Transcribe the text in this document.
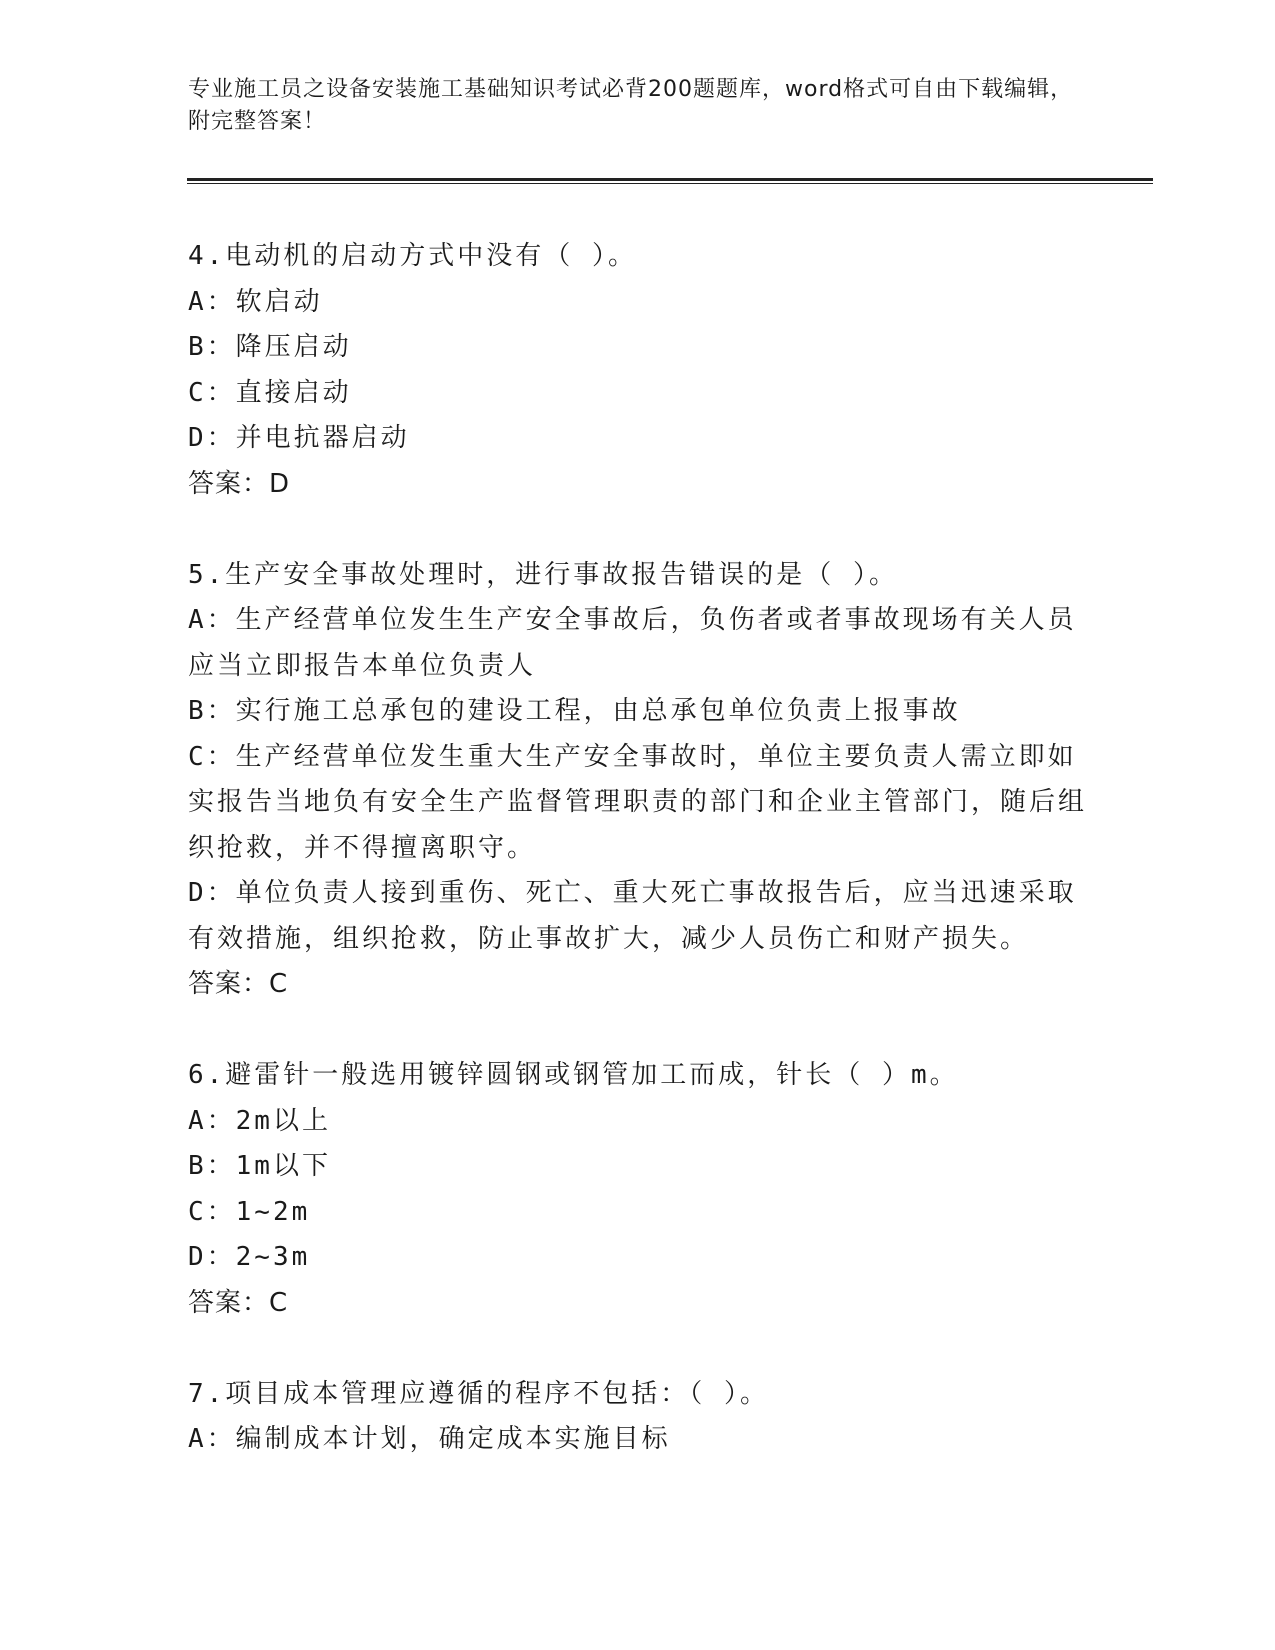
专业施工员之设备安装施工基础知识考试必背200题题库，word格式可自由下载编辑，附完整答案！
4.电动机的启动方式中没有（ ）。
A：软启动
B：降压启动
C：直接启动
D：并电抗器启动
答案：D
5.生产安全事故处理时，进行事故报告错误的是（ ）。
A：生产经营单位发生生产安全事故后，负伤者或者事故现场有关人员应当立即报告本单位负责人
B：实行施工总承包的建设工程，由总承包单位负责上报事故
C：生产经营单位发生重大生产安全事故时，单位主要负责人需立即如实报告当地负有安全生产监督管理职责的部门和企业主管部门，随后组织抢救，并不得擅离职守。
D：单位负责人接到重伤、死亡、重大死亡事故报告后，应当迅速采取有效措施，组织抢救，防止事故扩大，减少人员伤亡和财产损失。
答案：C
6.避雷针一般选用镀锌圆钢或钢管加工而成，针长（ ）m。
A：2m以上
B：1m以下
C：1~2m
D：2~3m
答案：C
7.项目成本管理应遵循的程序不包括：（ ）。
A：编制成本计划，确定成本实施目标
